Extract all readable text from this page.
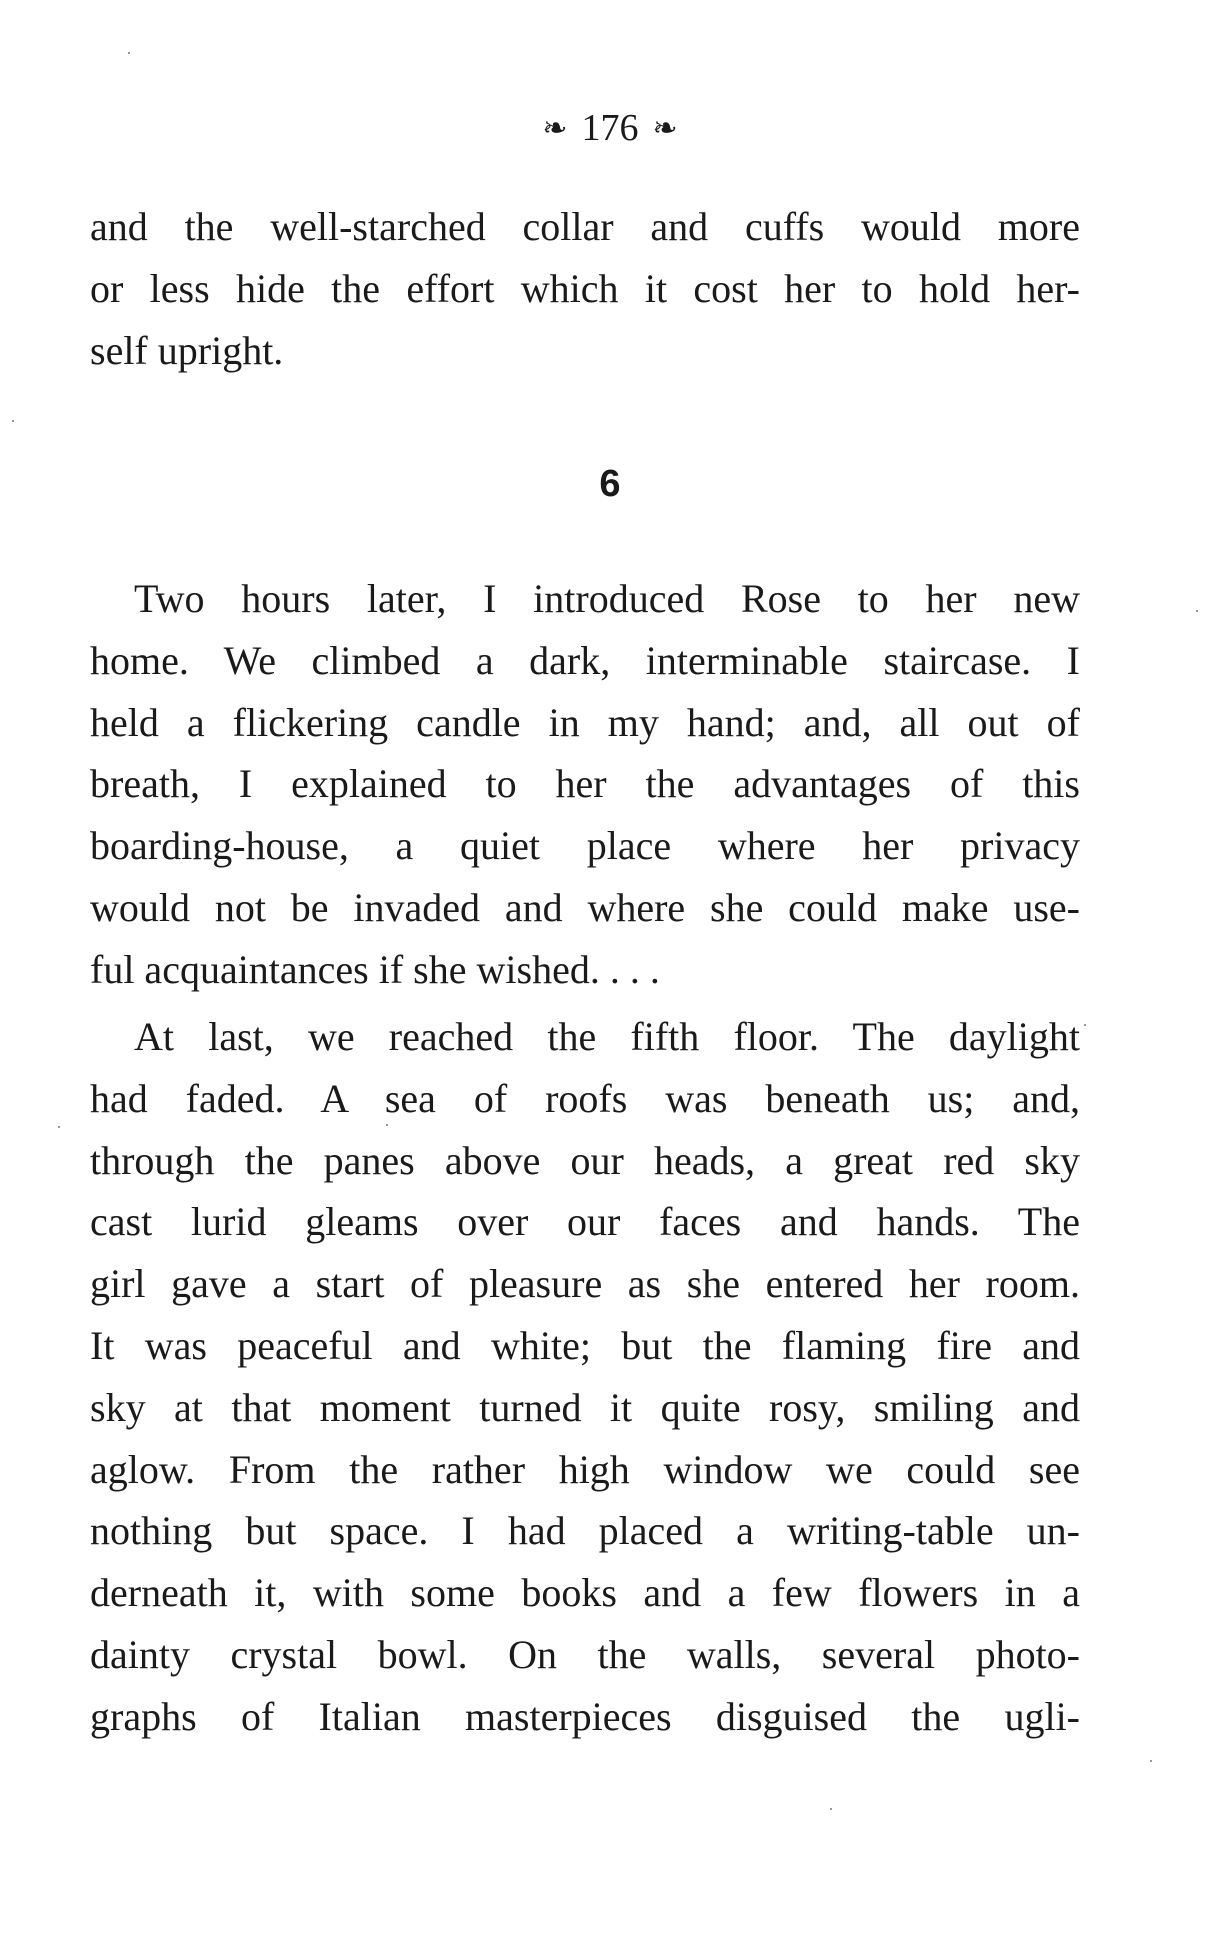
❧ 176 ❧
and the well-starched collar and cuffs would more
or less hide the effort which it cost her to hold her-
self upright.
6
Two hours later, I introduced Rose to her new
home. We climbed a dark, interminable staircase. I
held a flickering candle in my hand; and, all out of
breath, I explained to her the advantages of this
boarding-house, a quiet place where her privacy
would not be invaded and where she could make use-
ful acquaintances if she wished. . . .
At last, we reached the fifth floor. The daylight
had faded. A sea of roofs was beneath us; and,
through the panes above our heads, a great red sky
cast lurid gleams over our faces and hands. The
girl gave a start of pleasure as she entered her room.
It was peaceful and white; but the flaming fire and
sky at that moment turned it quite rosy, smiling and
aglow. From the rather high window we could see
nothing but space. I had placed a writing-table un-
derneath it, with some books and a few flowers in a
dainty crystal bowl. On the walls, several photo-
graphs of Italian masterpieces disguised the ugli-
